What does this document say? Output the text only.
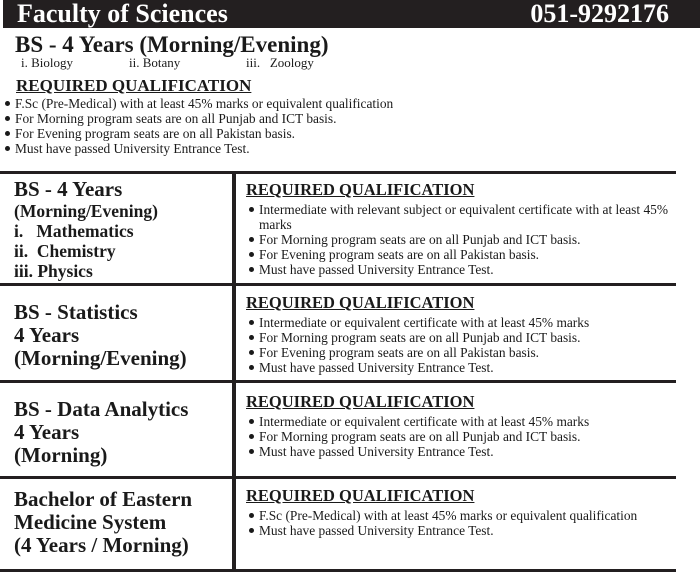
Faculty of Sciences	051-9292176
BS - 4 Years (Morning/Evening)
i. Biology	ii. Botany	iii.   Zoology
REQUIRED QUALIFICATION
F.Sc (Pre-Medical) with at least 45% marks or equivalent qualification
For Morning program seats are on all Punjab and ICT basis.
For Evening program seats are on all Pakistan basis.
Must have passed University Entrance Test.
BS - 4 Years
(Morning/Evening)
i.   Mathematics
ii.  Chemistry
iii. Physics
REQUIRED QUALIFICATION
Intermediate with relevant subject or equivalent certificate with at least 45% marks
For Morning program seats are on all Punjab and ICT basis.
For Evening program seats are on all Pakistan basis.
Must have passed University Entrance Test.
BS - Statistics
4 Years
(Morning/Evening)
REQUIRED QUALIFICATION
Intermediate or equivalent certificate with at least 45% marks
For Morning program seats are on all Punjab and ICT basis.
For Evening program seats are on all Pakistan basis.
Must have passed University Entrance Test.
BS - Data Analytics
4 Years
(Morning)
REQUIRED QUALIFICATION
Intermediate or equivalent certificate with at least 45% marks
For Morning program seats are on all Punjab and ICT basis.
Must have passed University Entrance Test.
Bachelor of Eastern
Medicine System
(4 Years / Morning)
REQUIRED QUALIFICATION
F.Sc (Pre-Medical) with at least 45% marks or equivalent qualification
Must have passed University Entrance Test.
